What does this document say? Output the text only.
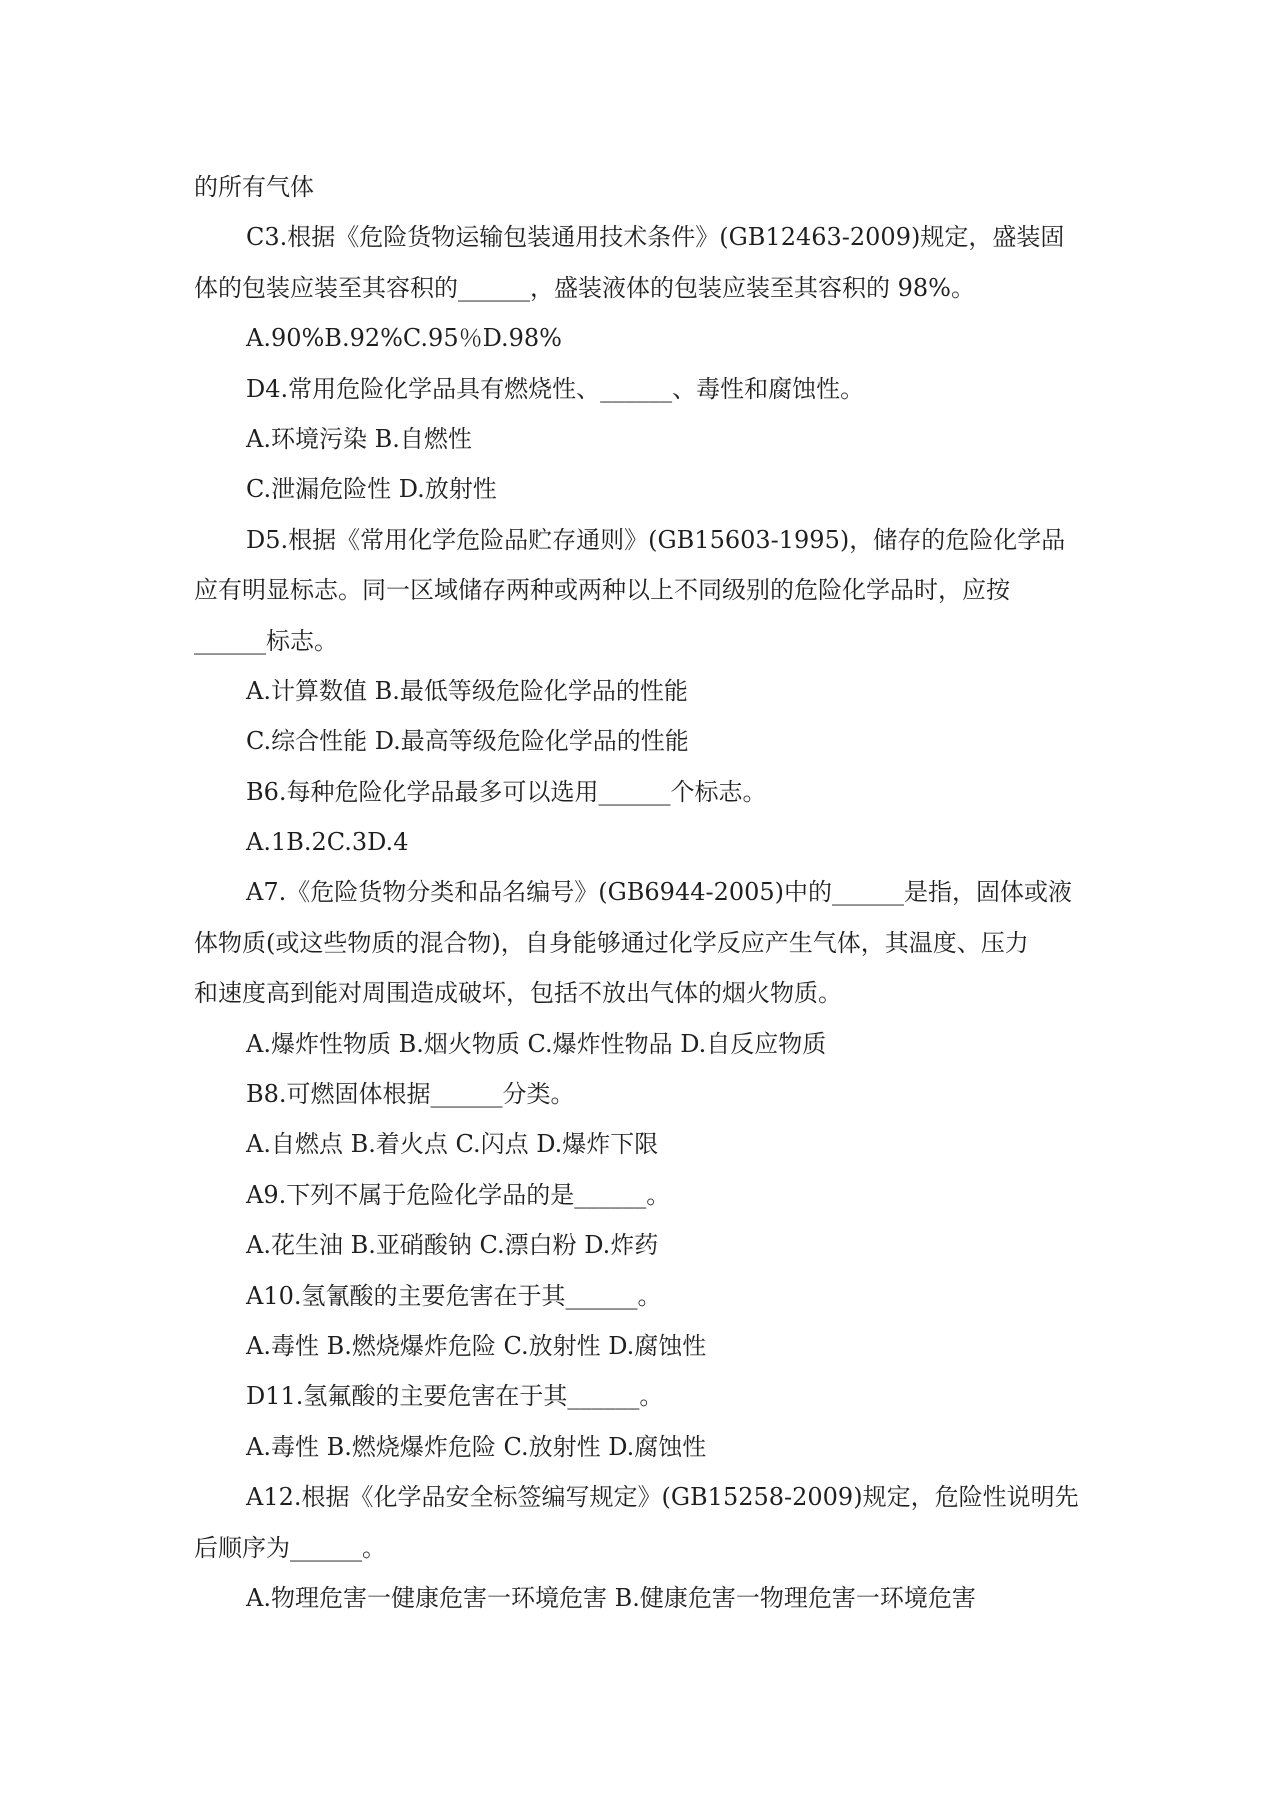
的所有气体

C3.根据《危险货物运输包装通用技术条件》(GB12463-2009)规定，盛装固

体的包装应装至其容积的______，盛装液体的包装应装至其容积的 98%。

A.90%B.92%C.95％D.98%

D4.常用危险化学品具有燃烧性、______、毒性和腐蚀性。

A.环境污染 B.自燃性

C.泄漏危险性 D.放射性

D5.根据《常用化学危险品贮存通则》(GB15603-1995)，储存的危险化学品

应有明显标志。同一区域储存两种或两种以上不同级别的危险化学品时，应按

______标志。

A.计算数值 B.最低等级危险化学品的性能

C.综合性能 D.最高等级危险化学品的性能

B6.每种危险化学品最多可以选用______个标志。

A.1B.2C.3D.4

A7.《危险货物分类和品名编号》(GB6944-2005)中的______是指，固体或液

体物质(或这些物质的混合物)，自身能够通过化学反应产生气体，其温度、压力

和速度高到能对周围造成破坏，包括不放出气体的烟火物质。

A.爆炸性物质 B.烟火物质 C.爆炸性物品 D.自反应物质

B8.可燃固体根据______分类。

A.自燃点 B.着火点 C.闪点 D.爆炸下限

A9.下列不属于危险化学品的是______。

A.花生油 B.亚硝酸钠 C.漂白粉 D.炸药

A10.氢氰酸的主要危害在于其______。

A.毒性 B.燃烧爆炸危险 C.放射性 D.腐蚀性

D11.氢氟酸的主要危害在于其______。

A.毒性 B.燃烧爆炸危险 C.放射性 D.腐蚀性

A12.根据《化学品安全标签编写规定》(GB15258-2009)规定，危险性说明先

后顺序为______。

A.物理危害一健康危害一环境危害 B.健康危害一物理危害一环境危害
